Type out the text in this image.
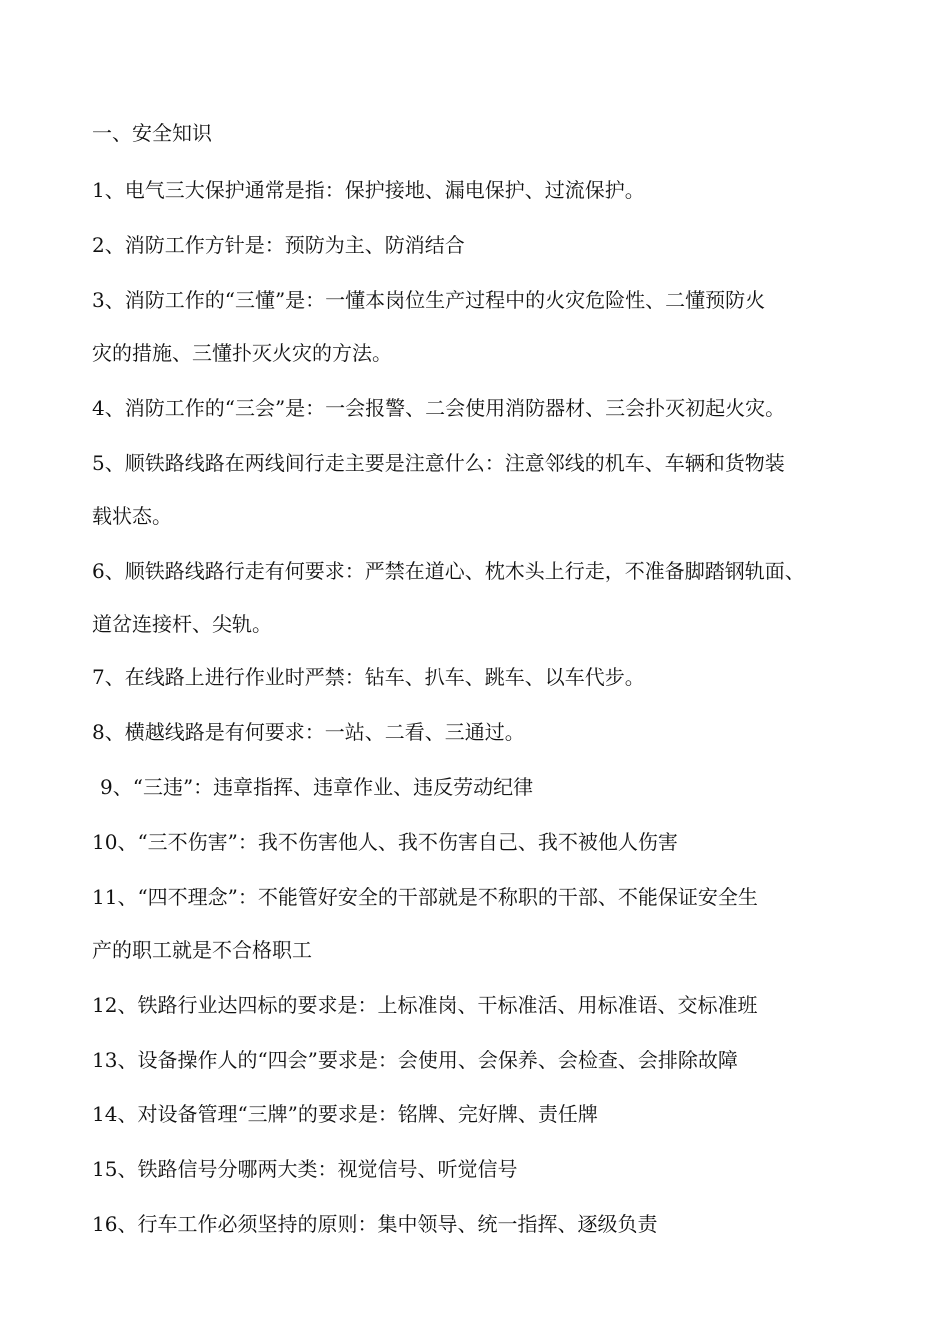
一、安全知识
1、电气三大保护通常是指：保护接地、漏电保护、过流保护。
2、消防工作方针是：预防为主、防消结合
3、消防工作的“三懂”是：一懂本岗位生产过程中的火灾危险性、二懂预防火
灾的措施、三懂扑灭火灾的方法。
4、消防工作的“三会”是：一会报警、二会使用消防器材、三会扑灭初起火灾。
5、顺铁路线路在两线间行走主要是注意什么：注意邻线的机车、车辆和货物装
载状态。
6、顺铁路线路行走有何要求：严禁在道心、枕木头上行走，不准备脚踏钢轨面、
道岔连接杆、尖轨。
7、在线路上进行作业时严禁：钻车、扒车、跳车、以车代步。
8、横越线路是有何要求：一站、二看、三通过。
9、“三违”：违章指挥、违章作业、违反劳动纪律
10、“三不伤害”：我不伤害他人、我不伤害自己、我不被他人伤害
11、“四不理念”：不能管好安全的干部就是不称职的干部、不能保证安全生
产的职工就是不合格职工
12、铁路行业达四标的要求是：上标准岗、干标准活、用标准语、交标准班
13、设备操作人的“四会”要求是：会使用、会保养、会检查、会排除故障
14、对设备管理“三牌”的要求是：铭牌、完好牌、责任牌
15、铁路信号分哪两大类：视觉信号、听觉信号
16、行车工作必须坚持的原则：集中领导、统一指挥、逐级负责
